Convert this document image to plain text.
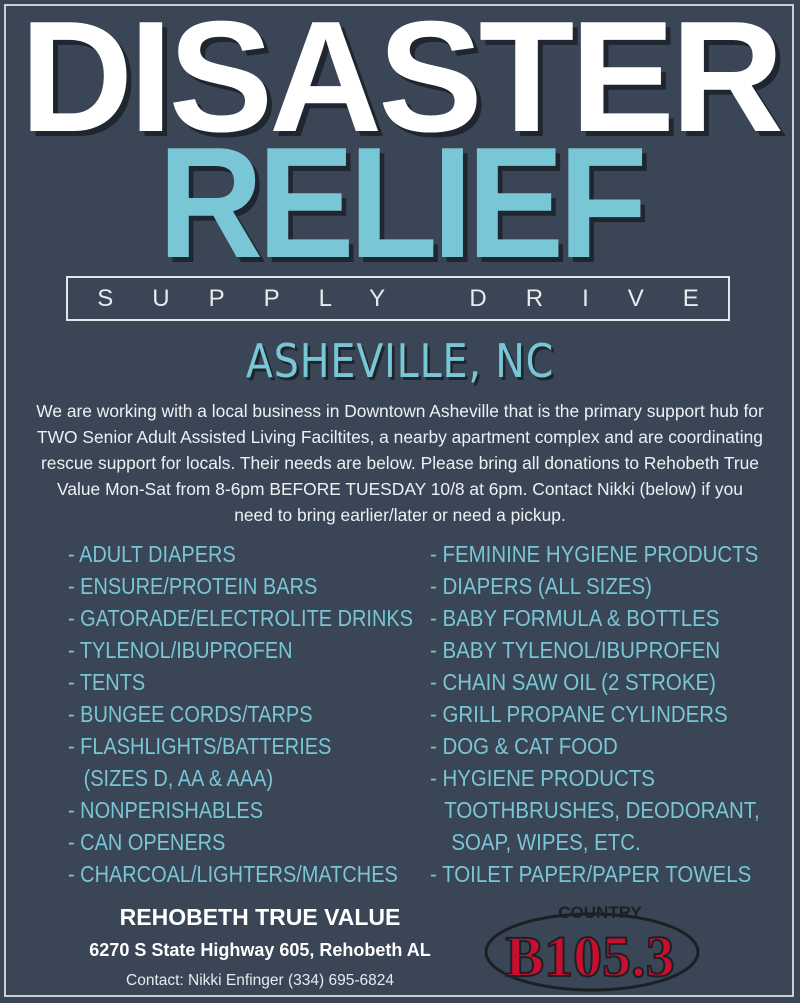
DISASTER
RELIEF
SUPPLY DRIVE
ASHEVILLE, NC
We are working with a local business in Downtown Asheville that is the primary support hub for TWO Senior Adult Assisted Living Faciltites, a nearby apartment complex and are coordinating rescue support for locals. Their needs are below. Please bring all donations to Rehobeth True Value Mon-Sat from 8-6pm BEFORE TUESDAY 10/8 at 6pm. Contact Nikki (below) if you need to bring earlier/later or need a pickup.
- ADULT DIAPERS
- ENSURE/PROTEIN BARS
- GATORADE/ELECTROLITE DRINKS
- TYLENOL/IBUPROFEN
- TENTS
- BUNGEE CORDS/TARPS
- FLASHLIGHTS/BATTERIES
(SIZES D, AA & AAA)
- NONPERISHABLES
- CAN OPENERS
- CHARCOAL/LIGHTERS/MATCHES
- FEMININE HYGIENE PRODUCTS
- DIAPERS (ALL SIZES)
- BABY FORMULA & BOTTLES
- BABY TYLENOL/IBUPROFEN
- CHAIN SAW OIL (2 STROKE)
- GRILL PROPANE CYLINDERS
- DOG & CAT FOOD
- HYGIENE PRODUCTS
TOOTHBRUSHES, DEODORANT,
SOAP, WIPES, ETC.
- TOILET PAPER/PAPER TOWELS
REHOBETH TRUE VALUE
6270 S State Highway 605, Rehobeth AL
Contact: Nikki Enfinger (334) 695-6824
COUNTRY
B105.3
